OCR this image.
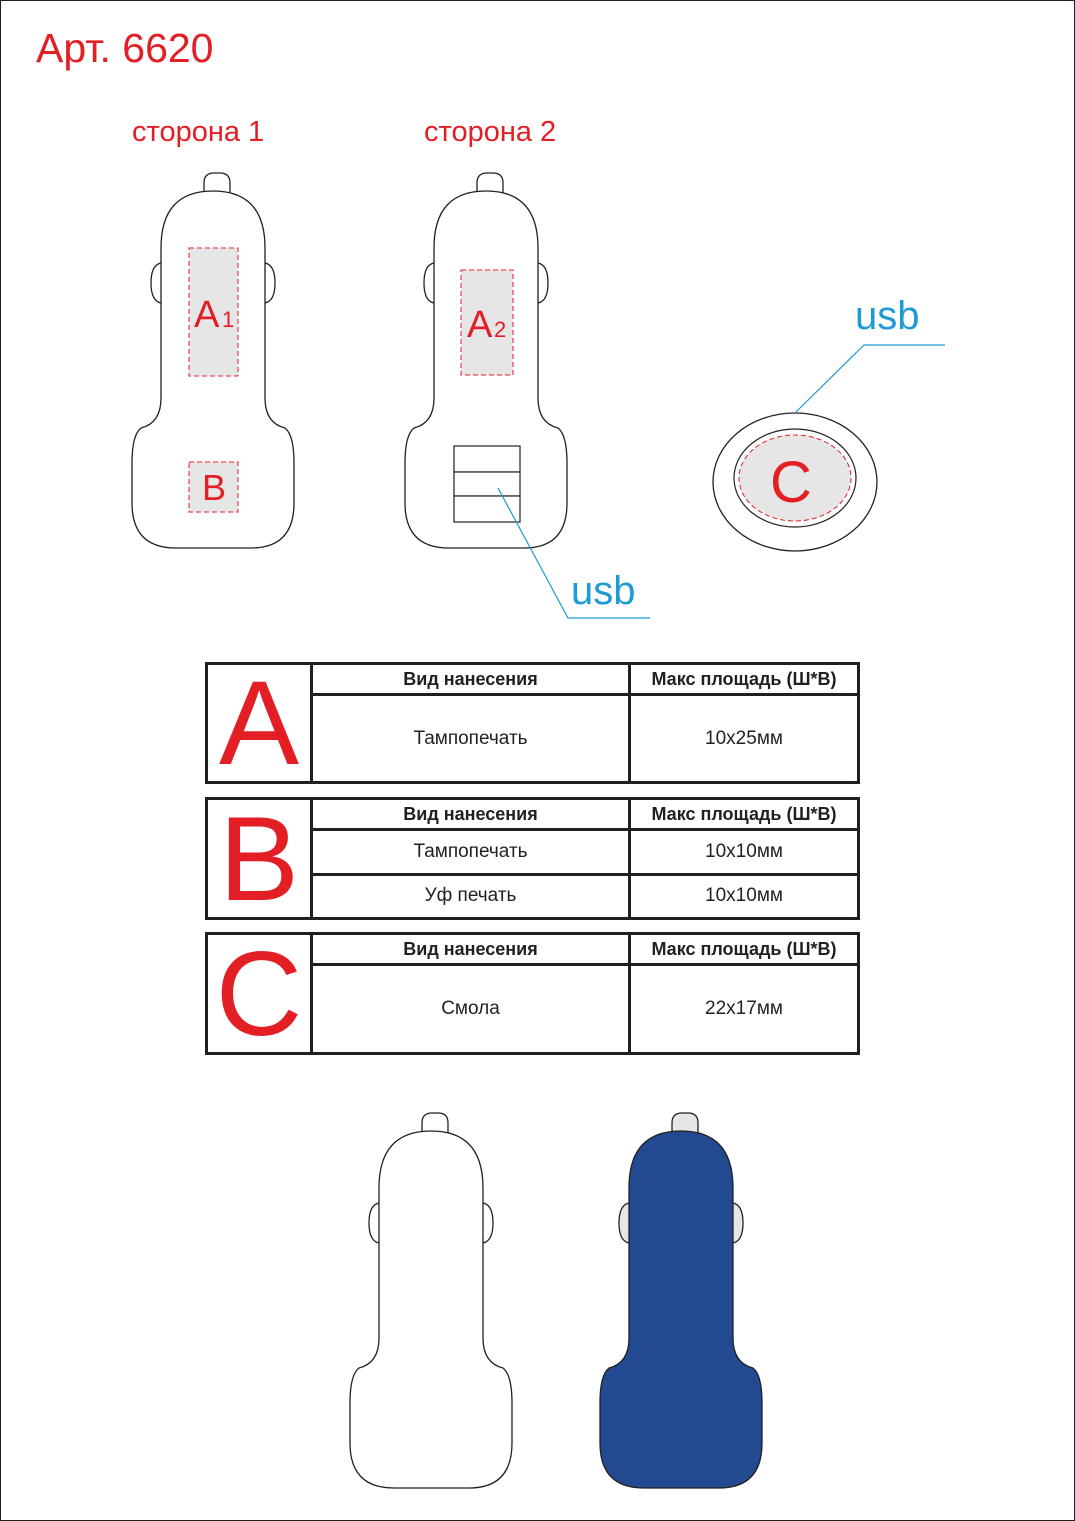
Арт. 6620
сторона 1	сторона 2
A 1	A 2
B	C
usb
usb
A	Вид нанесения	Макс площадь (Ш*В)
Тампопечать	10x25мм
B	Вид нанесения	Макс площадь (Ш*В)
Тампопечать	10x10мм
Уф печать	10x10мм
C	Вид нанесения	Макс площадь (Ш*В)
Смола	22x17мм
